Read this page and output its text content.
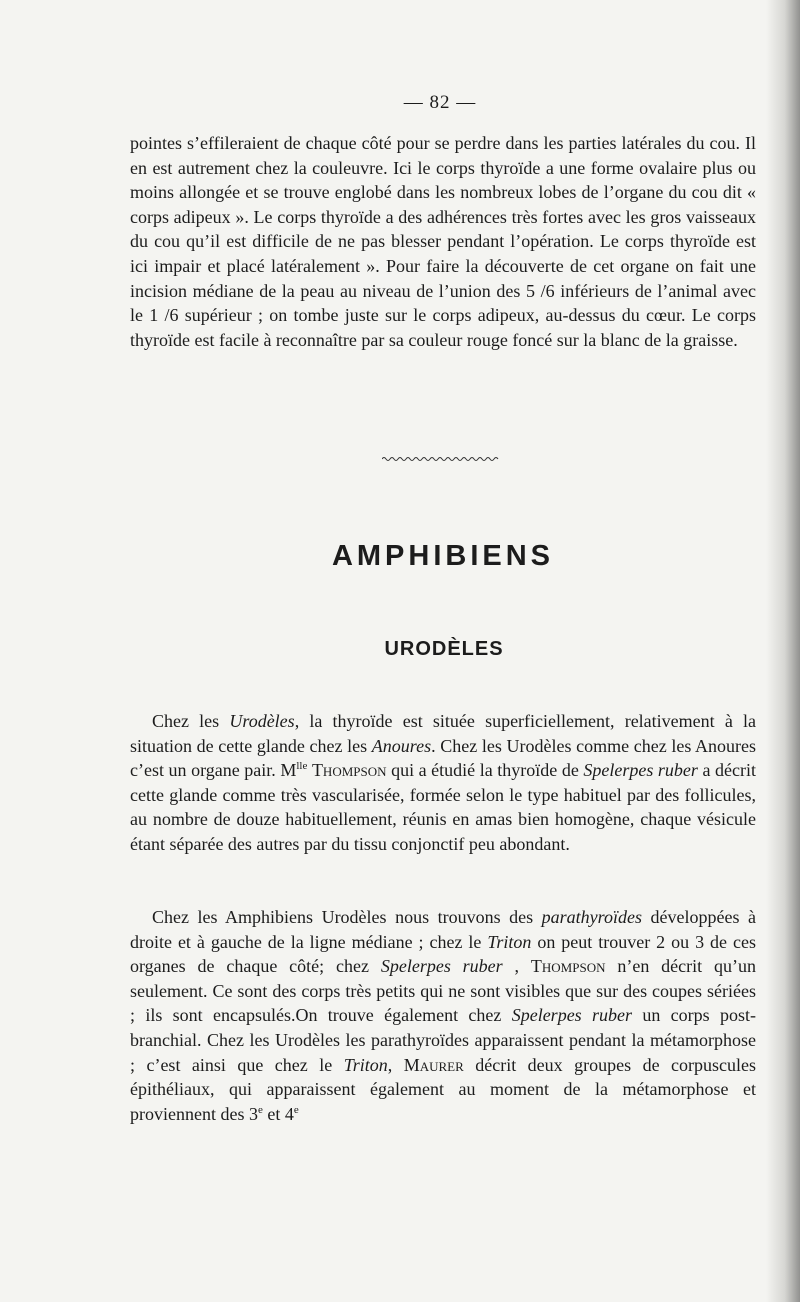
— 82 —
pointes s’effileraient de chaque côté pour se perdre dans les parties latérales du cou. Il en est autrement chez la couleuvre. Ici le corps thyroïde a une forme ovalaire plus ou moins allongée et se trouve englobé dans les nombreux lobes de l’organe du cou dit « corps adipeux ». Le corps thyroïde a des adhérences très fortes avec les gros vaisseaux du cou qu’il est difficile de ne pas blesser pendant l’opération. Le corps thyroïde est ici impair et placé latéralement ». Pour faire la découverte de cet organe on fait une incision médiane de la peau au niveau de l’union des 5 /6 inférieurs de l’animal avec le 1 /6 supérieur ; on tombe juste sur le corps adipeux, au-dessus du cœur. Le corps thyroïde est facile à reconnaître par sa couleur rouge foncé sur la blanc de la graisse.
AMPHIBIENS
URODÈLES
Chez les Urodèles, la thyroïde est située superficiellement, relativement à la situation de cette glande chez les Anoures. Chez les Urodèles comme chez les Anoures c’est un organe pair. $M^{lle}$ Thompson qui a étudié la thyroïde de Spelerpes ruber a décrit cette glande comme très vascularisée, formée selon le type habituel par des follicules, au nombre de douze habituellement, réunis en amas bien homogène, chaque vésicule étant séparée des autres par du tissu conjonctif peu abondant.
Chez les Amphibiens Urodèles nous trouvons des parathyroïdes développées à droite et à gauche de la ligne médiane ; chez le Triton on peut trouver 2 ou 3 de ces organes de chaque côté; chez Spelerpes ruber , Thompson n’en décrit qu’un seulement. Ce sont des corps très petits qui ne sont visibles que sur des coupes sériées ; ils sont encapsulés.On trouve également chez Spelerpes ruber un corps post-branchial. Chez les Urodèles les parathyroïdes apparaissent pendant la métamorphose ; c’est ainsi que chez le Triton, Maurer décrit deux groupes de corpuscules épithéliaux, qui apparaissent également au moment de la métamorphose et proviennent des 3e et 4e
